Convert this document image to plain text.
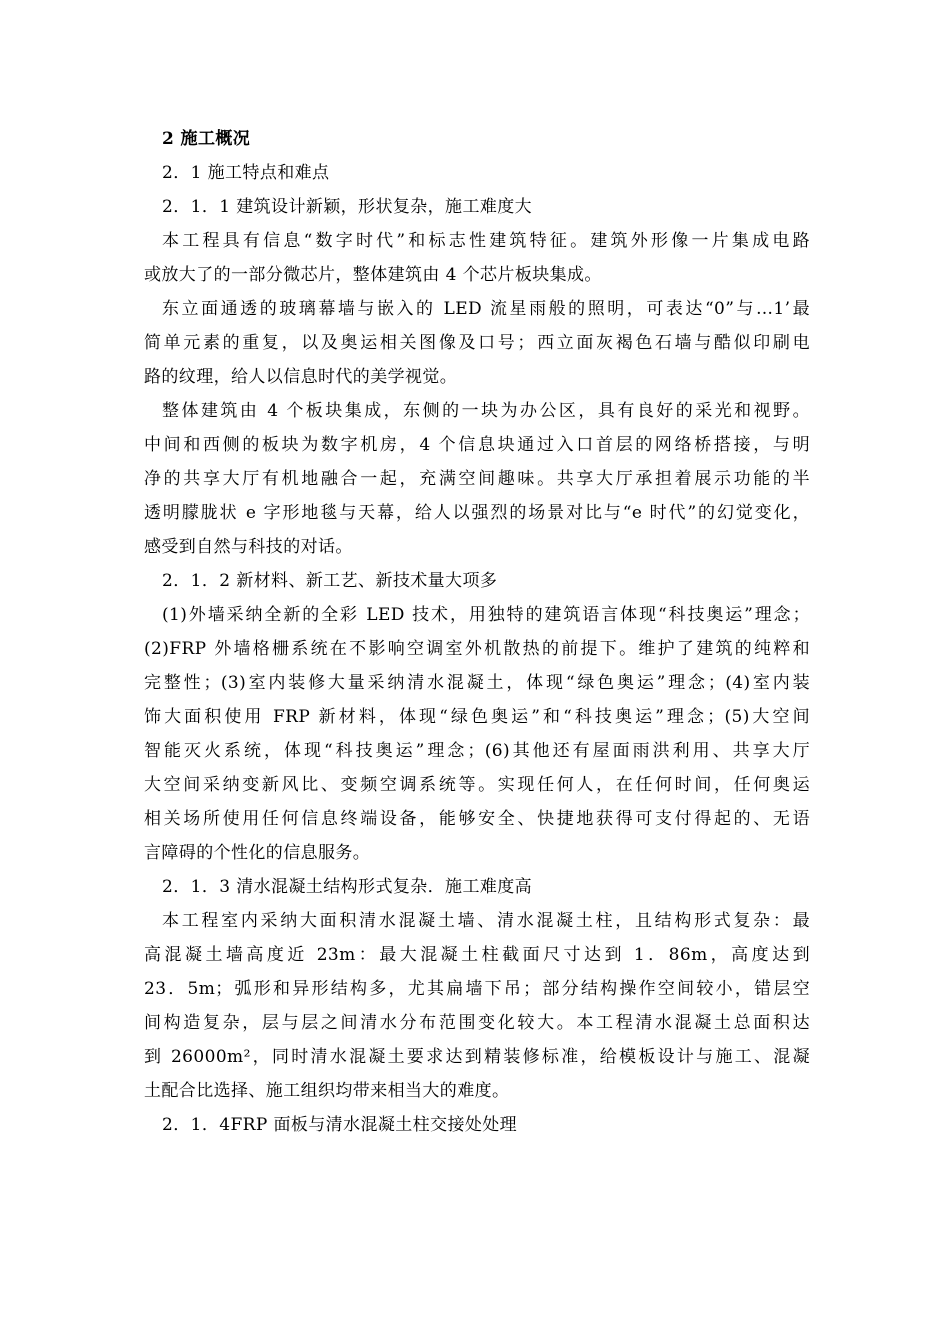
2 施工概况
2．1 施工特点和难点
2．1．1 建筑设计新颖，形状复杂，施工难度大
本工程具有信息“数字时代”和标志性建筑特征。建筑外形像一片集成电路
或放大了的一部分微芯片，整体建筑由 4 个芯片板块集成。
东立面通透的玻璃幕墙与嵌入的 LED 流星雨般的照明，可表达“0”与…1’最
简单元素的重复，以及奥运相关图像及口号；西立面灰褐色石墙与酷似印刷电
路的纹理，给人以信息时代的美学视觉。
整体建筑由 4 个板块集成，东侧的一块为办公区，具有良好的采光和视野。
中间和西侧的板块为数字机房，4 个信息块通过入口首层的网络桥搭接，与明
净的共享大厅有机地融合一起，充满空间趣味。共享大厅承担着展示功能的半
透明朦胧状 e 字形地毯与天幕，给人以强烈的场景对比与“e 时代”的幻觉变化，
感受到自然与科技的对话。
2．1．2 新材料、新工艺、新技术量大项多
(1)外墙采纳全新的全彩 LED 技术，用独特的建筑语言体现“科技奥运”理念；
(2)FRP 外墙格栅系统在不影响空调室外机散热的前提下。维护了建筑的纯粹和
完整性；(3)室内装修大量采纳清水混凝土，体现“绿色奥运”理念；(4)室内装
饰大面积使用 FRP 新材料，体现“绿色奥运”和“科技奥运”理念；(5)大空间
智能灭火系统，体现“科技奥运”理念；(6)其他还有屋面雨洪利用、共享大厅
大空间采纳变新风比、变频空调系统等。实现任何人，在任何时间，任何奥运
相关场所使用任何信息终端设备，能够安全、快捷地获得可支付得起的、无语
言障碍的个性化的信息服务。
2．1．3 清水混凝土结构形式复杂．施工难度高
本工程室内采纳大面积清水混凝土墙、清水混凝土柱，且结构形式复杂：最
高混凝土墙高度近 23m：最大混凝土柱截面尺寸达到 1．86m，高度达到
23．5m；弧形和异形结构多，尤其扁墙下吊；部分结构操作空间较小，错层空
间构造复杂，层与层之间清水分布范围变化较大。本工程清水混凝土总面积达
到 26000m²，同时清水混凝土要求达到精装修标准，给模板设计与施工、混凝
土配合比选择、施工组织均带来相当大的难度。
2．1．4FRP 面板与清水混凝土柱交接处处理
